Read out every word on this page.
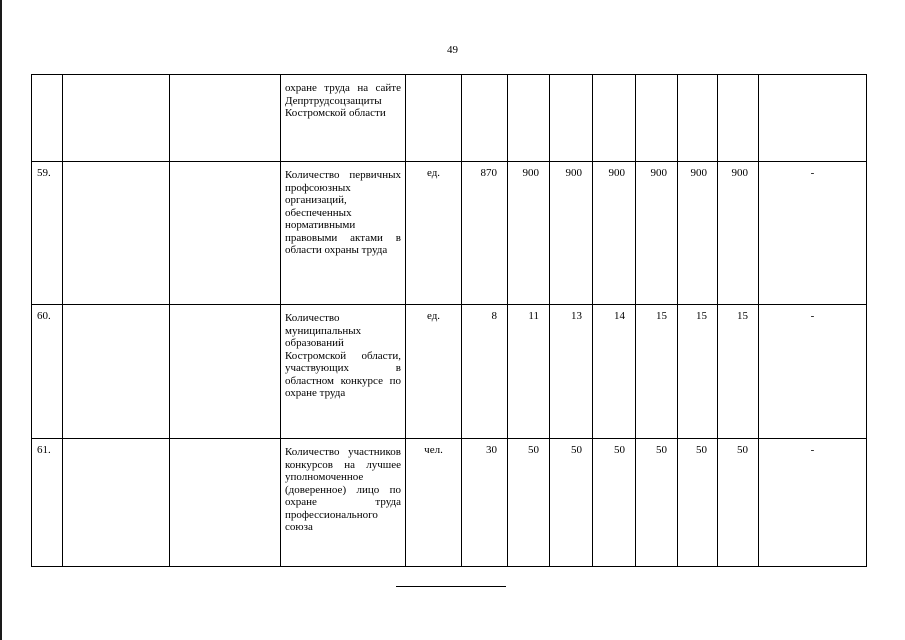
49
			охране труда на сайте Депртрудсоцзащиты Костромской области									
59.			Количество первичных профсоюзных организаций, обеспеченных нормативными правовыми актами в области охраны труда	ед.	870	900	900	900	900	900	900	-
60.			Количество муниципальных образований Костромской области, участвующих в областном конкурсе по охране труда	ед.	8	11	13	14	15	15	15	-
61.			Количество участников конкурсов на лучшее уполномоченное (доверенное) лицо по охране труда профессионального союза	чел.	30	50	50	50	50	50	50	-
